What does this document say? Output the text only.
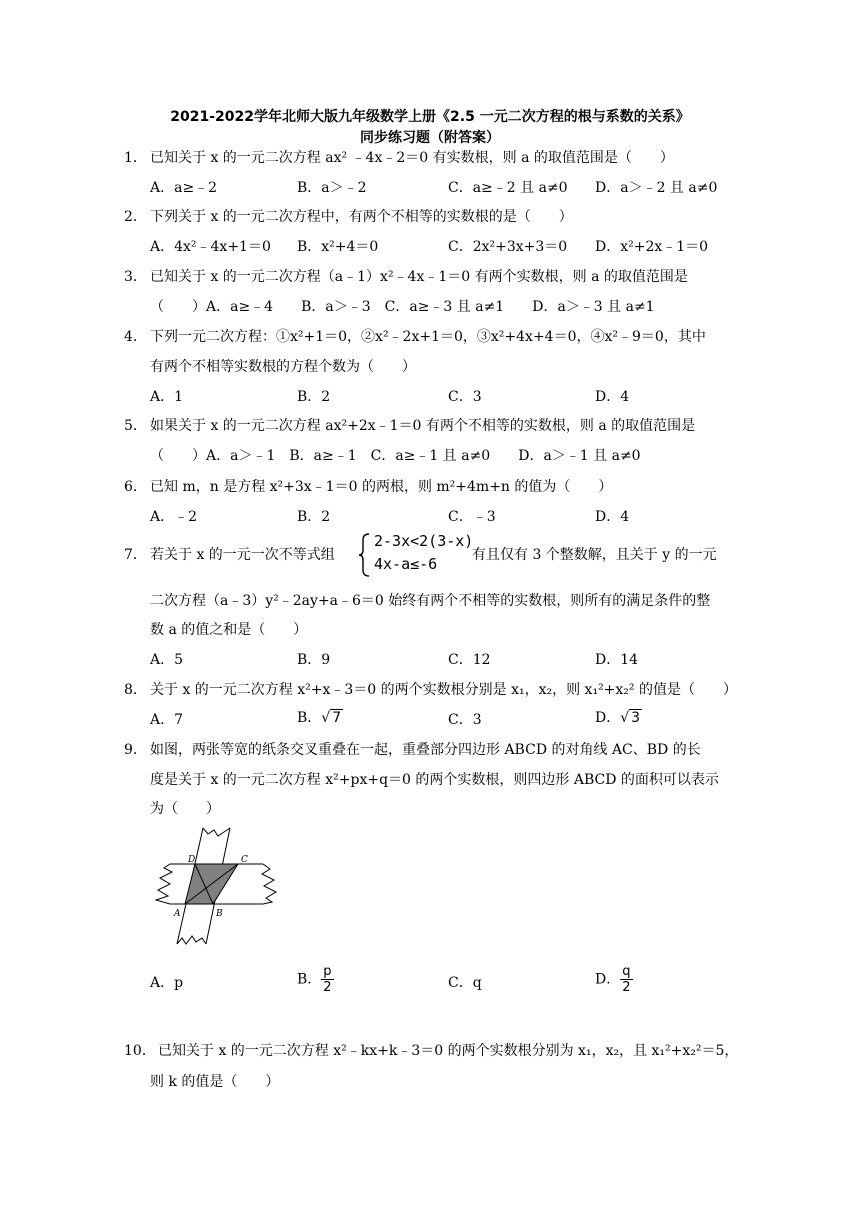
2021-2022学年北师大版九年级数学上册《2.5 一元二次方程的根与系数的关系》
同步练习题（附答案）
1． 已知关于 x 的一元二次方程 ax² ﹣4x﹣2＝0 有实数根，则 a 的取值范围是（　　）
A．a≥﹣2	B．a＞﹣2	C．a≥﹣2 且 a≠0 D．a＞﹣2 且 a≠0
2． 下列关于 x 的一元二次方程中，有两个不相等的实数根的是（　　）
A．4x²﹣4x+1＝0 B．x²+4＝0	C．2x²+3x+3＝0 D．x²+2x﹣1＝0
3． 已知关于 x 的一元二次方程（a﹣1）x²﹣4x﹣1＝0 有两个实数根，则 a 的取值范围是
（　　）A．a≥﹣4　　B．a＞﹣3　C．a≥﹣3 且 a≠1　　D．a＞﹣3 且 a≠1
4． 下列一元二次方程：①x²+1＝0，②x²﹣2x+1＝0，③x²+4x+4＝0，④x²﹣9＝0，其中
有两个不相等实数根的方程个数为（　　）
A．1	B．2	C．3	D．4
5． 如果关于 x 的一元二次方程 ax²+2x﹣1＝0 有两个不相等的实数根，则 a 的取值范围是
（　　）A．a＞﹣1　B．a≥﹣1　C．a≥﹣1 且 a≠0　　D．a＞﹣1 且 a≠0
6． 已知 m，n 是方程 x²+3x﹣1＝0 的两根，则 m²+4m+n 的值为（　　）
A．﹣2	B．2	C．﹣3	D．4
7． 若关于 x 的一元一次不等式组
2-3x<2(3-x)
4x-a≤-6 有且仅有 3 个整数解，且关于 y 的一元
二次方程（a﹣3）y²﹣2ay+a﹣6＝0 始终有两个不相等的实数根，则所有的满足条件的整
数 a 的值之和是（　　）
A．5	B．9	C．12	D．14
8． 关于 x 的一元二次方程 x²+x﹣3＝0 的两个实数根分别是 x₁，x₂，则 x₁²+x₂² 的值是（　　）
A．7	B．√ 7	C．3	D．√ 3
9． 如图，两张等宽的纸条交叉重叠在一起，重叠部分四边形 ABCD 的对角线 AC、BD 的长
度是关于 x 的一元二次方程 x²+px+q＝0 的两个实数根，则四边形 ABCD 的面积可以表示
为（　　）
A	B
C
D
A．p	B． $\frac{p}{2}$	C．q	D． $\frac{q}{2}$
10． 已知关于 x 的一元二次方程 x²﹣kx+k﹣3＝0 的两个实数根分别为 x₁，x₂，且 x₁²+x₂²＝5，
则 k 的值是（　　）
